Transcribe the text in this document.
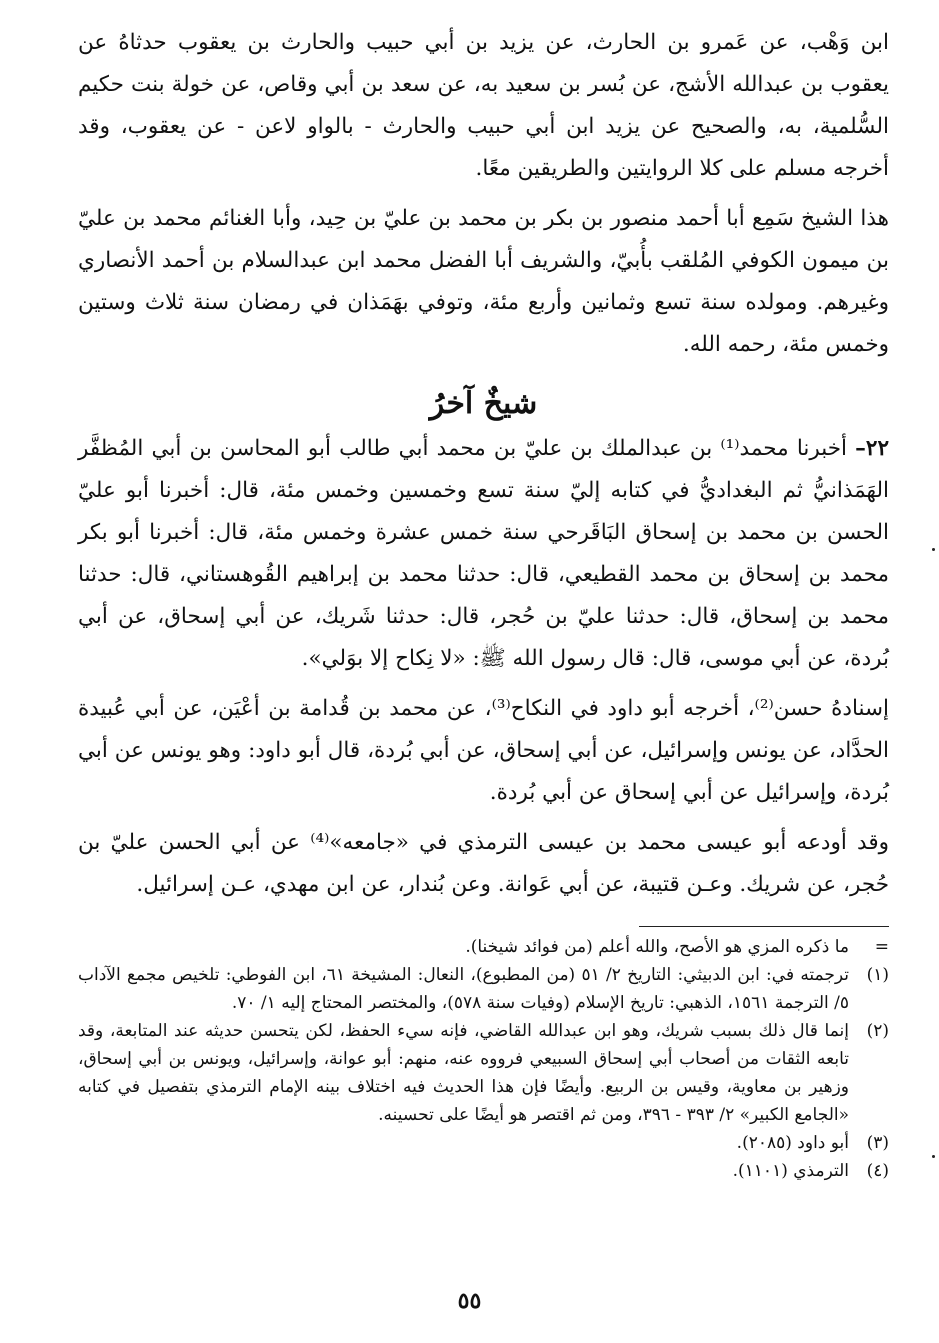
ابن وَهْب، عن عَمرو بن الحارث، عن يزيد بن أبي حبيب والحارث بن يعقوب حدثاهُ عن يعقوب بن عبدالله الأشج، عن بُسر بن سعيد به، عن سعد بن أبي وقاص، عن خولة بنت حكيم السُّلمية، به، والصحيح عن يزيد ابن أبي حبيب والحارث - بالواو لاعن - عن يعقوب، وقد أخرجه مسلم على كلا الروايتين والطريقين معًا.

هذا الشيخ سَمِع أبا أحمد منصور بن بكر بن محمد بن عليّ بن حِيد، وأبا الغنائم محمد بن عليّ بن ميمون الكوفي المُلقب بأُبيّ، والشريف أبا الفضل محمد ابن عبدالسلام بن أحمد الأنصاري وغيرهم. ومولده سنة تسع وثمانين وأربع مئة، وتوفي بهَمَذان في رمضان سنة ثلاث وستين وخمس مئة، رحمه الله.

شيخٌ آخرُ

٢٢– أخبرنا محمد⁽¹⁾ بن عبدالملك بن عليّ بن محمد أبي طالب أبو المحاسن بن أبي المُظفَّر الهَمَذانيُّ ثم البغداديُّ في كتابه إليّ سنة تسع وخمسين وخمس مئة، قال: أخبرنا أبو عليّ الحسن بن محمد بن إسحاق البَاقَرحي سنة خمس عشرة وخمس مئة، قال: أخبرنا أبو بكر محمد بن إسحاق بن محمد القطيعي، قال: حدثنا محمد بن إبراهيم القُوهستاني، قال: حدثنا محمد بن إسحاق، قال: حدثنا عليّ بن حُجر، قال: حدثنا شَريك، عن أبي إسحاق، عن أبي بُردة، عن أبي موسى، قال: قال رسول الله ﷺ: «لا نِكاح إلا بوَلي».

إسنادهُ حسن⁽²⁾، أخرجه أبو داود في النكاح⁽³⁾، عن محمد بن قُدامة بن أعْيَن، عن أبي عُبيدة الحدَّاد، عن يونس وإسرائيل، عن أبي إسحاق، عن أبي بُردة، قال أبو داود: وهو يونس عن أبي بُردة، وإسرائيل عن أبي إسحاق عن أبي بُردة.

وقد أودعه أبو عيسى محمد بن عيسى الترمذي في «جامعه»⁽⁴⁾ عن أبي الحسن عليّ بن حُجر، عن شريك. وعـن قتيبة، عن أبي عَوانة. وعن بُندار، عن ابن مهدي، عـن إسرائيل.

=
ما ذكره المزي هو الأصح، والله أعلم (من فوائد شيخنا).
(١)
ترجمته في: ابن الدبيثي: التاريخ ٢/ ٥١ (من المطبوع)، النعال: المشيخة ٦١، ابن الفوطي: تلخيص مجمع الآداب ٥/ الترجمة ١٥٦١، الذهبي: تاريخ الإسلام (وفيات سنة ٥٧٨)، والمختصر المحتاج إليه ١/ ٧٠.
(٢)
إنما قال ذلك بسبب شريك، وهو ابن عبدالله القاضي، فإنه سيء الحفظ، لكن يتحسن حديثه عند المتابعة، وقد تابعه الثقات من أصحاب أبي إسحاق السبيعي فرووه عنه، منهم: أبو عوانة، وإسرائيل، ويونس بن أبي إسحاق، وزهير بن معاوية، وقيس بن الربيع. وأيضًا فإن هذا الحديث فيه اختلاف بينه الإمام الترمذي بتفصيل في كتابه «الجامع الكبير» ٢/ ٣٩٣ - ٣٩٦، ومن ثم اقتصر هو أيضًا على تحسينه.
(٣)
أبو داود (٢٠٨٥).
(٤)
الترمذي (١١٠١).
٥٥
